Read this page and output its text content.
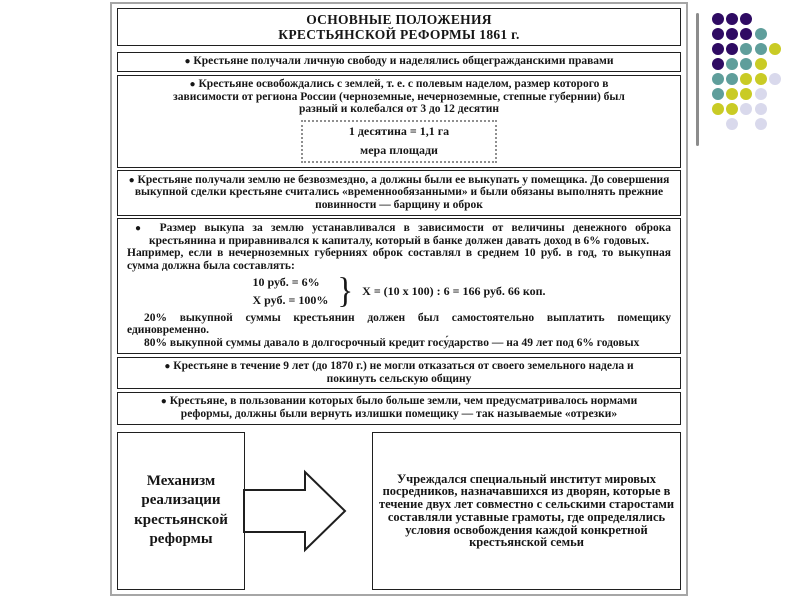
ОСНОВНЫЕ ПОЛОЖЕНИЯ
КРЕСТЬЯНСКОЙ РЕФОРМЫ 1861 г.
● Крестьяне получали личную свободу и наделялись общегражданскими правами
● Крестьяне освобождались с землей, т. е. с полевым наделом, размер которого в зависимости от региона России (черноземные, нечерноземные, степные губернии) был разный и колебался от 3 до 12 десятин
1 десятина = 1,1 га
мера площади
● Крестьяне получали землю не безвозмездно, а должны были ее выкупать у помещика. До совершения выкупной сделки крестьяне считались «временнообязанными» и были обязаны выполнять прежние повинности — барщину и оброк

● Размер выкупа за землю устанавливался в зависимости от величины денежного оброка крестьянина и приравнивался к капиталу, который в банке должен давать доход в 6% годовых.

Например, если в нечерноземных губерниях оброк составлял в среднем 10 руб. в год, то выкупная сумма должна была составлять:

10 руб. = 6%
Х руб. = 100% } Х = (10 х 100) : 6 = 166 руб. 66 коп.

20% выкупной суммы крестьянин должен был самостоятельно выплатить помещику единовременно.

80% выкупной суммы давало в долгосрочный кредит госу́дарство — на 49 лет под 6% годовых

● Крестьяне в течение 9 лет (до 1870 г.) не могли отказаться от своего земельного надела и покинуть сельскую общину
● Крестьяне, в пользовании которых было больше земли, чем предусматривалось нормами реформы, должны были вернуть излишки помещику — так называемые «отрезки»
Механизм реализации крестьянской реформы
Учреждался специальный институт мировых посредников, назначавшихся из дворян, которые в течение двух лет совместно с сельскими старостами составляли уставные грамоты, где определялись условия освобождения каждой конкретной крестьянской семьи
